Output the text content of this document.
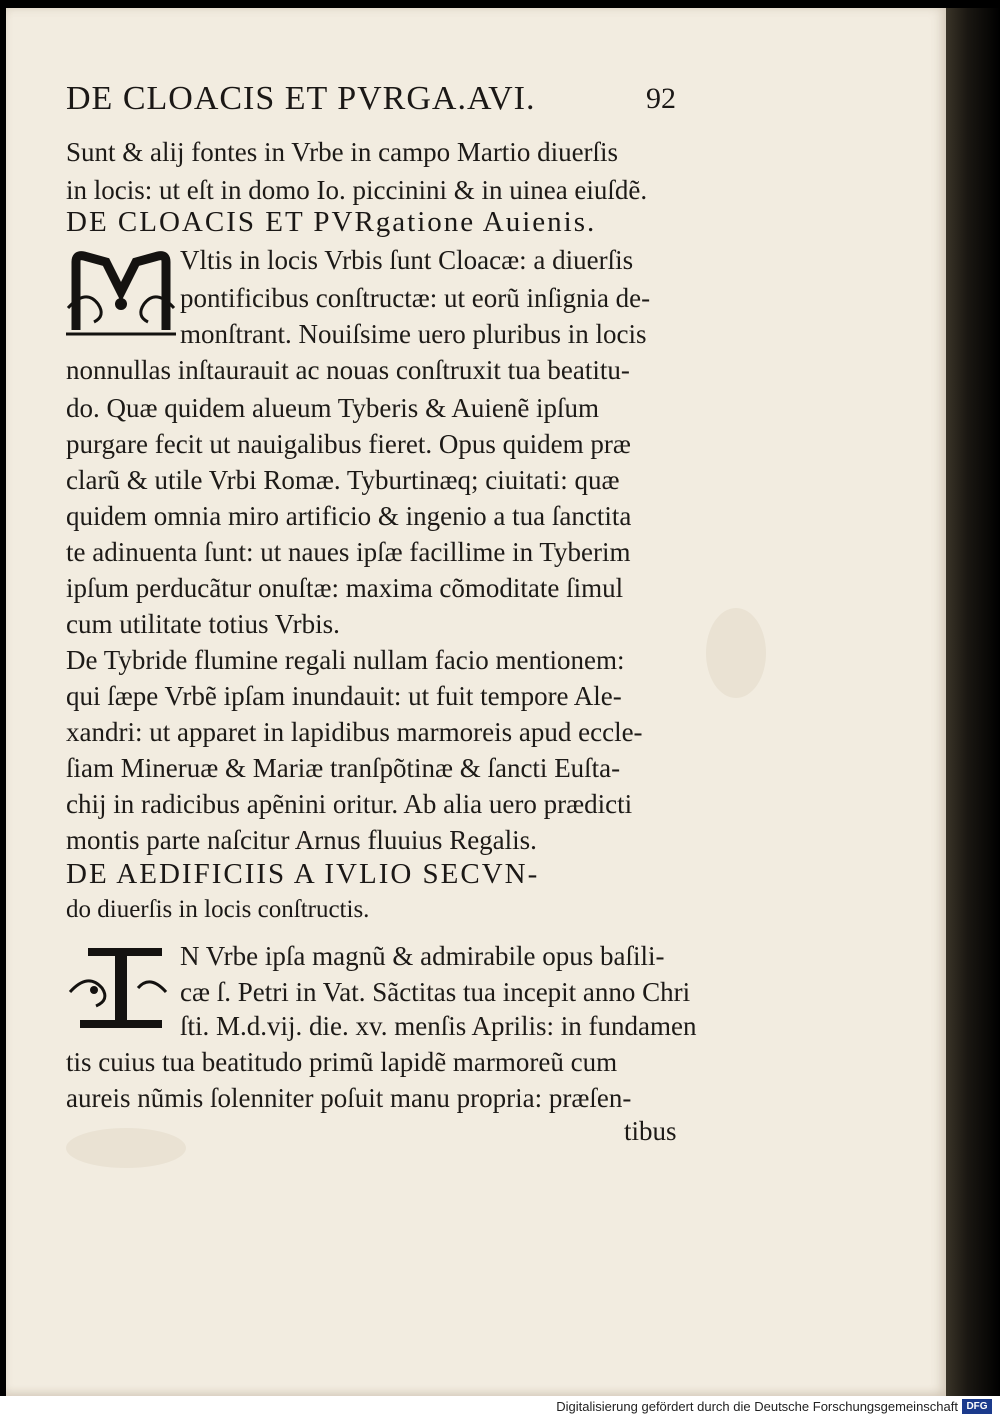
DE CLOACIS ET PVRGA.AVI.	92
Sunt & alij fontes in Vrbe in campo Martio diuerſis
in locis: ut eſt in domo Io. piccinini & in uinea eiuſdẽ.
DE CLOACIS ET PVRgatione Auienis.
Vltis in locis Vrbis ſunt Cloacæ: a diuerſis
pontificibus conſtructæ: ut eorũ inſignia de-
monſtrant. Nouiſsime uero pluribus in locis
nonnullas inſtaurauit ac nouas conſtruxit tua beatitu-
do. Quæ quidem alueum Tyberis & Auienẽ ipſum
purgare fecit ut nauigalibus fieret. Opus quidem præ
clarũ & utile Vrbi Romæ. Tyburtinæq; ciuitati: quæ
quidem omnia miro artificio & ingenio a tua ſanctita
te adinuenta ſunt: ut naues ipſæ facillime in Tyberim
ipſum perducãtur onuſtæ: maxima cõmoditate ſimul
cum utilitate totius Vrbis.
De Tybride flumine regali nullam facio mentionem:
qui ſæpe Vrbẽ ipſam inundauit: ut fuit tempore Ale-
xandri: ut apparet in lapidibus marmoreis apud eccle-
ſiam Mineruæ & Mariæ tranſpõtinæ & ſancti Euſta-
chij in radicibus apẽnini oritur. Ab alia uero prædicti
montis parte naſcitur Arnus fluuius Regalis.
DE AEDIFICIIS A IVLIO SECVN-
do diuerſis in locis conſtructis.
N Vrbe ipſa magnũ & admirabile opus baſili-
cæ ſ. Petri in Vat. Sãctitas tua incepit anno Chri
ſti. M.d.vij. die. xv. menſis Aprilis: in fundamen
tis cuius tua beatitudo primũ lapidẽ marmoreũ cum
aureis nũmis ſolenniter poſuit manu propria: præſen-
tibus
Digitalisierung gefördert durch die Deutsche Forschungsgemeinschaft DFG
